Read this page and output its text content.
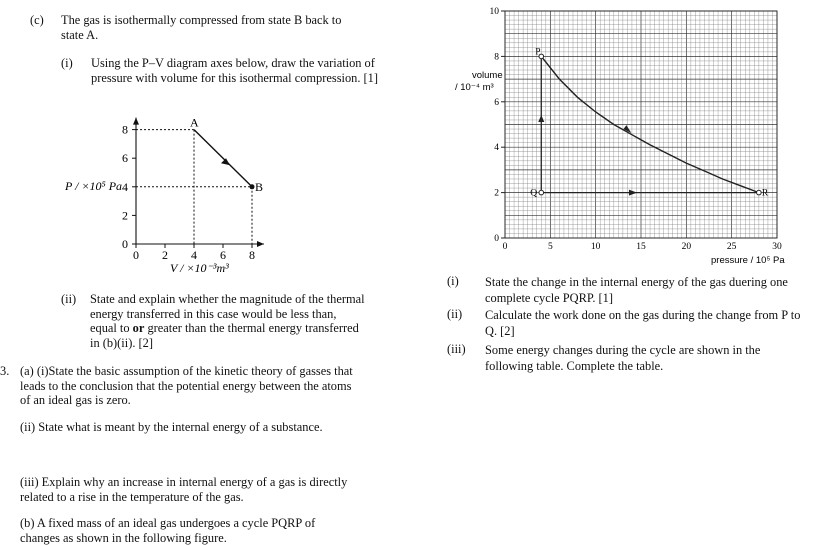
(c) The gas is isothermally compressed from state B back to state A.
(i) Using the P–V diagram axes below, draw the variation of pressure with volume for this isothermal compression. [1]
0 2 4 6 8
0
2
4
6
8	A
B
P / ×10⁵ Pa
V / ×10⁻³m³
(ii) State and explain whether the magnitude of the thermal energy transferred in this case would be less than, equal to or greater than the thermal energy transferred in (b)(ii). [2]
3. (a) (i)State the basic assumption of the kinetic theory of gasses that leads to the conclusion that the potential energy between the atoms of an ideal gas is zero.
(ii) State what is meant by the internal energy of a substance.
(iii) Explain why an increase in internal energy of a gas is directly related to a rise in the temperature of the gas.
(b) A fixed mass of an ideal gas undergoes a cycle PQRP of changes as shown in the following figure.
0	5	10	15	20	25	30
0
2
4
6
8
10
P
Q	R
volume
/ 10⁻⁴ m³
pressure / 10⁵ Pa
(i) State the change in the internal energy of the gas duering one complete cycle PQRP. [1]
(ii) Calculate the work done on the gas during the change from P to Q. [2]
(iii) Some energy changes during the cycle are shown in the following table. Complete the table.
